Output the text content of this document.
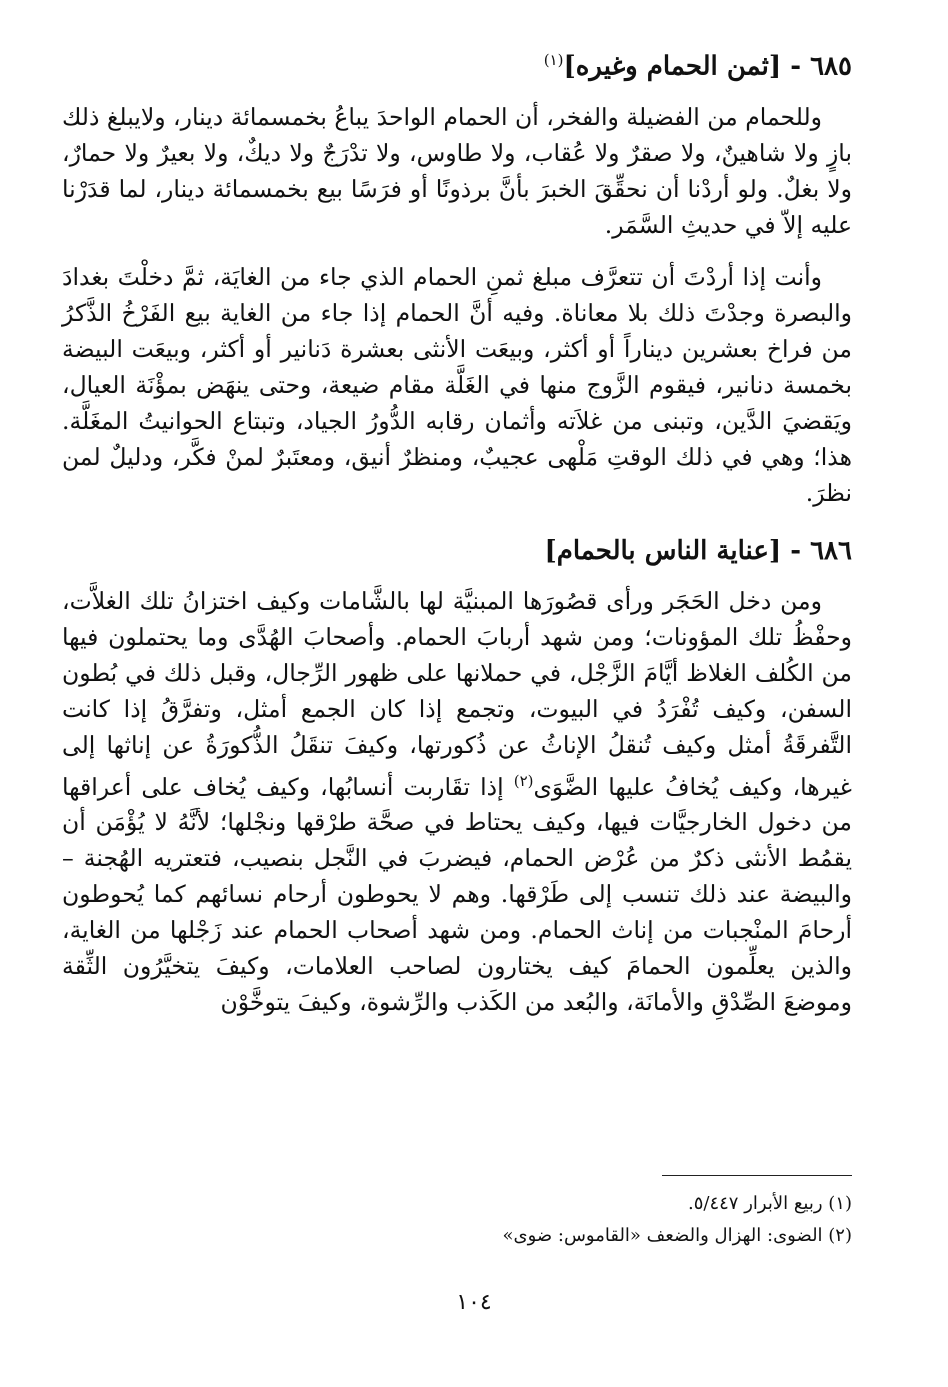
٦٨٥ - [ثمن الحمام وغيره]$^{(١)}$

وللحمام من الفضيلة والفخر، أن الحمام الواحدَ يباعُ بخمسمائة دينار، ولايبلغ ذلك بازٍ ولا شاهينٌ، ولا صقرٌ ولا عُقاب، ولا طاوس، ولا تدْرَجٌ ولا ديكٌ، ولا بعيرٌ ولا حمارٌ، ولا بغلٌ. ولو أردْنا أن نحقِّقَ الخبرَ بأنَّ برذونًا أو فرَسًا بيع بخمسمائة دينار، لما قدَرْنا عليه إلاّ في حديثِ السَّمَر.

وأنت إذا أردْتَ أن تتعرَّف مبلغ ثمنِ الحمام الذي جاء من الغايَة، ثمَّ دخلْتَ بغدادَ والبصرة وجدْتَ ذلك بلا معاناة. وفيه أنَّ الحمام إذا جاء من الغاية بيع الفَرْخُ الذَّكرُ من فراخ بعشرين ديناراً أو أكثر، وبيعَت الأنثى بعشرة دَنانير أو أكثر، وبيعَت البيضة بخمسة دنانير، فيقوم الزَّوج منها في الغَلَّة مقام ضيعة، وحتى ينهَض بمؤْنَة العيال، ويَقضيَ الدَّين، وتبنى من غلاَته وأثمان رقابه الدُّورُ الجياد، وتبتاع الحوانيتُ المغَلَّة. هذا؛ وهي في ذلك الوقتِ مَلْهى عجيبٌ، ومنظرٌ أنيق، ومعتَبرٌ لمنْ فكَّر، ودليلٌ لمن نظرَ.

٦٨٦ - [عناية الناس بالحمام]

ومن دخل الحَجَر ورأى قصُورَها المبنيَّة لها بالشَّامات وكيف اختزانُ تلك الغلاَّت، وحفْظُ تلك المؤونات؛ ومن شهد أربابَ الحمام. وأصحابَ الهُدَّى وما يحتملون فيها من الكُلف الغلاظ أيَّامَ الزَّجْل، في حملانها على ظهور الرِّجال، وقبل ذلك في بُطون السفن، وكيف تُفْرَدُ في البيوت، وتجمع إذا كان الجمع أمثل، وتفرَّقُ إذا كانت التَّفرقَةُ أمثل وكيف تُنقلُ الإناثُ عن ذُكورتها، وكيفَ تنقَلُ الذُّكورَةُ عن إناثها إلى غيرها، وكيف يُخافُ عليها الضَّوَى$^{(٢)}$ إذا تقَاربت أنسابُها، وكيف يُخاف على أعراقها من دخول الخارجيَّات فيها، وكيف يحتاط في صحَّة طرْقها ونجْلها؛ لأنَّهُ لا يُؤْمَن أن يقمُط الأنثى ذكرٌ من عُرْض الحمام، فيضربَ في النَّجل بنصيب، فتعتريه الهُجنة – والبيضة عند ذلك تنسب إلى طَرْقها. وهم لا يحوطون أرحام نسائهم كما يُحوطون أرحامَ المنْجبات من إناث الحمام. ومن شهد أصحاب الحمام عند زَجْلها من الغاية، والذين يعلِّمون الحمامَ كيف يختارون لصاحب العلامات، وكيفَ يتخيَّرُون الثِّقة وموضعَ الصِّدْقِ والأمانَة، والبُعد من الكَذب والرِّشوة، وكيفَ يتوخَّوْن

(١) ربيع الأبرار ٥/٤٤٧.
(٢) الضوى: الهزال والضعف «القاموس: ضوى»
١٠٤
